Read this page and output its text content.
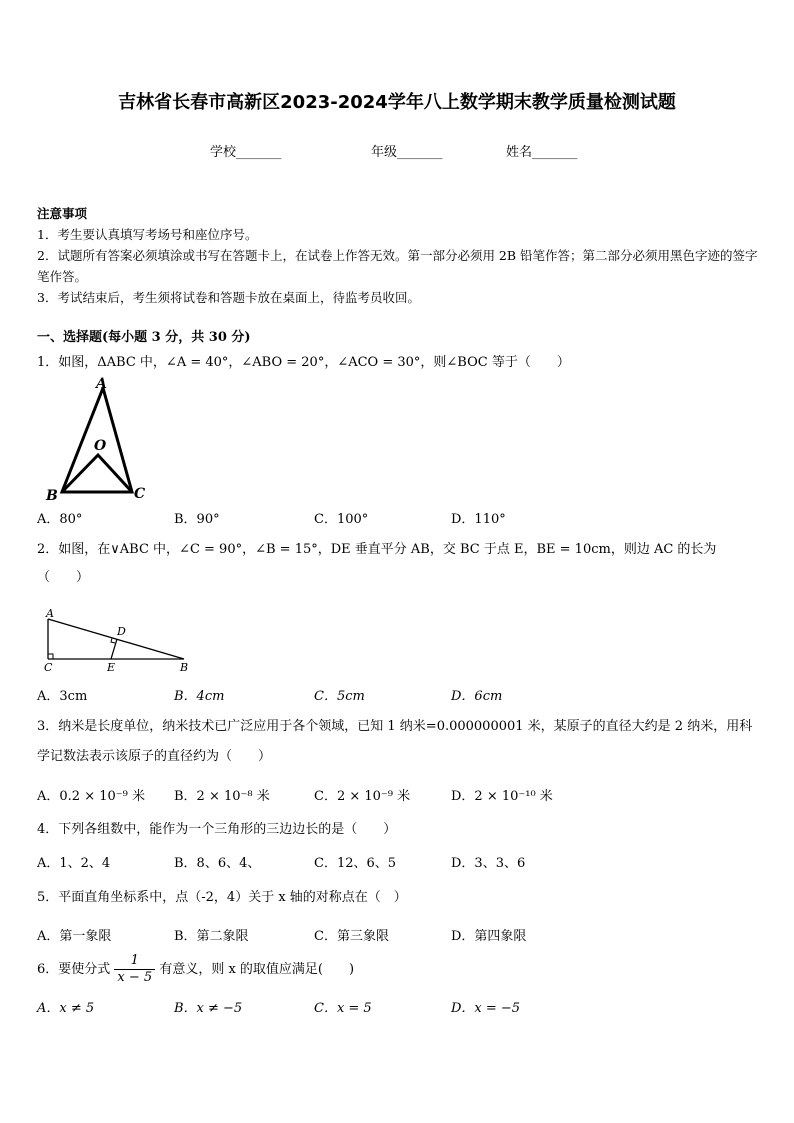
吉林省长春市高新区2023-2024学年八上数学期末教学质量检测试题
学校_______	年级_______	姓名_______
注意事项
1．考生要认真填写考场号和座位序号。
2．试题所有答案必须填涂或书写在答题卡上，在试卷上作答无效。第一部分必须用 2B 铅笔作答；第二部分必须用黑色字迹的签字笔作答。
3．考试结束后，考生须将试卷和答题卡放在桌面上，待监考员收回。
一、选择题(每小题 3 分，共 30 分)
1．如图，ΔABC 中，∠A = 40°，∠ABO = 20°，∠ACO = 30°，则∠BOC 等于（　　）
A
O
B	C
A．80°	B．90°	C．100°	D．110°
2．如图，在∨ABC 中，∠C = 90°，∠B = 15°，DE 垂直平分 AB，交 BC 于点 E，BE = 10cm，则边 AC 的长为（　　）
A
D
C	E	B
A．3cm	B．4cm	C．5cm	D．6cm
3．纳米是长度单位，纳米技术已广泛应用于各个领域，已知 1 纳米=0.000000001 米，某原子的直径大约是 2 纳米，用科学记数法表示该原子的直径约为（　　）
A．0.2 × 10⁻⁹ 米 B．2 × 10⁻⁸ 米	C．2 × 10⁻⁹ 米	D．2 × 10⁻¹⁰ 米
4．下列各组数中，能作为一个三角形的三边边长的是（　　）
A．1、2、4	B．8、6、4、	C．12、6、5	D．3、3、6
5．平面直角坐标系中，点（-2，4）关于 x 轴的对称点在（　）
A．第一象限	B．第二象限	C．第三象限	D．第四象限
6．要使分式 $\frac{1}{x - 5}$ 有意义，则 x 的取值应满足(　　)
A．x ≠ 5	B．x ≠ −5	C．x = 5	D．x = −5
